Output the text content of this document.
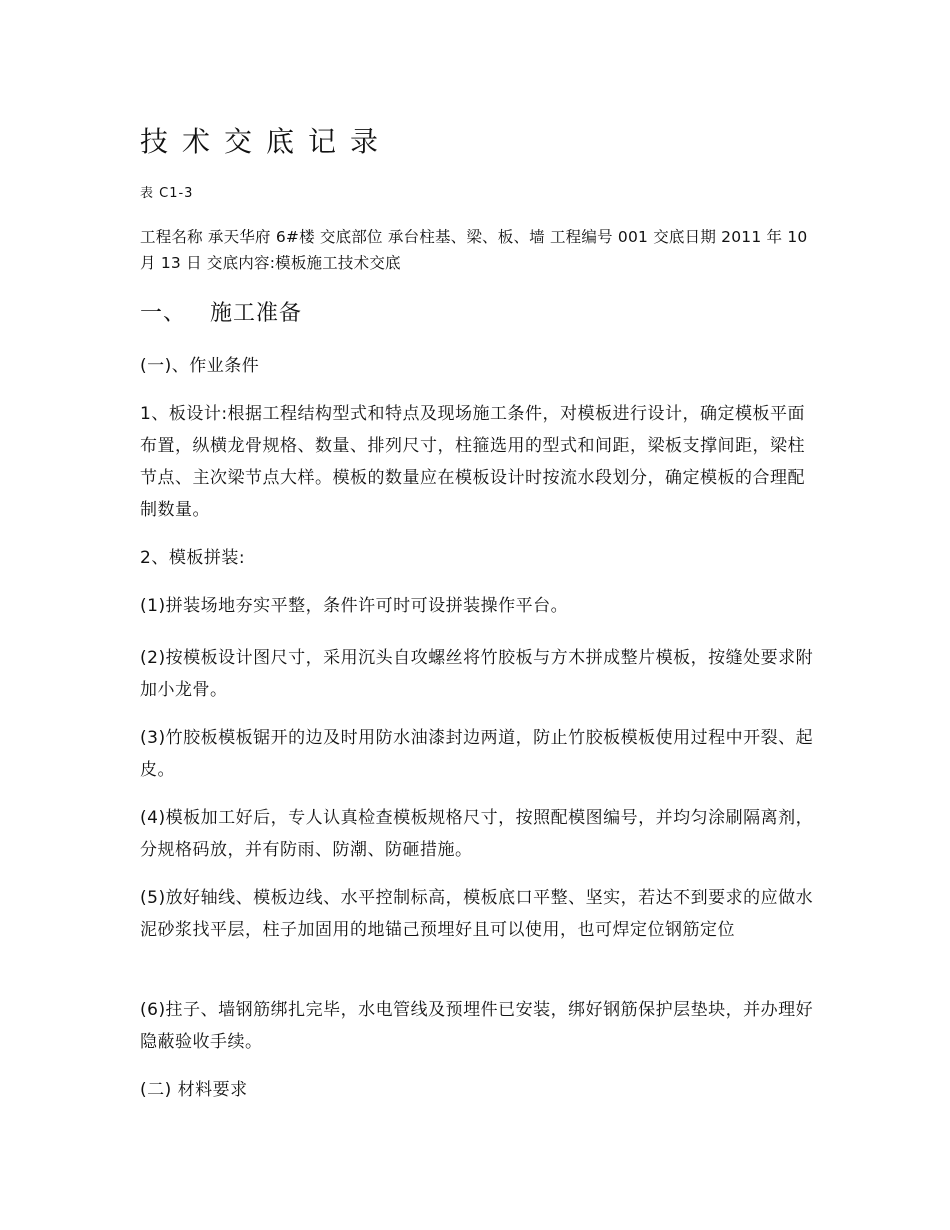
技术交底记录
表 C1-3

工程名称 承天华府 6#楼 交底部位 承台柱基、梁、板、墙 工程编号 001 交底日期 2011 年 10 月 13 日 交底内容:模板施工技术交底

一、 施工准备

(一)、作业条件

1、板设计:根据工程结构型式和特点及现场施工条件，对模板进行设计，确定模板平面布置，纵横龙骨规格、数量、排列尺寸，柱箍选用的型式和间距，梁板支撑间距，梁柱节点、主次梁节点大样。模板的数量应在模板设计时按流水段划分，确定模板的合理配制数量。

2、模板拼装:

(1)拼装场地夯实平整，条件许可时可设拼装操作平台。

(2)按模板设计图尺寸，采用沉头自攻螺丝将竹胶板与方木拼成整片模板，按缝处要求附加小龙骨。

(3)竹胶板模板锯开的边及时用防水油漆封边两道，防止竹胶板模板使用过程中开裂、起皮。

(4)模板加工好后，专人认真检查模板规格尺寸，按照配模图编号，并均匀涂刷隔离剂，分规格码放，并有防雨、防潮、防砸措施。

(5)放好轴线、模板边线、水平控制标高，模板底口平整、坚实，若达不到要求的应做水泥砂浆找平层，柱子加固用的地锚己预埋好且可以使用，也可焊定位钢筋定位

(6)拄子、墙钢筋绑扎完毕，水电管线及预埋件已安装，绑好钢筋保护层垫块，并办理好隐蔽验收手续。

(二) 材料要求
